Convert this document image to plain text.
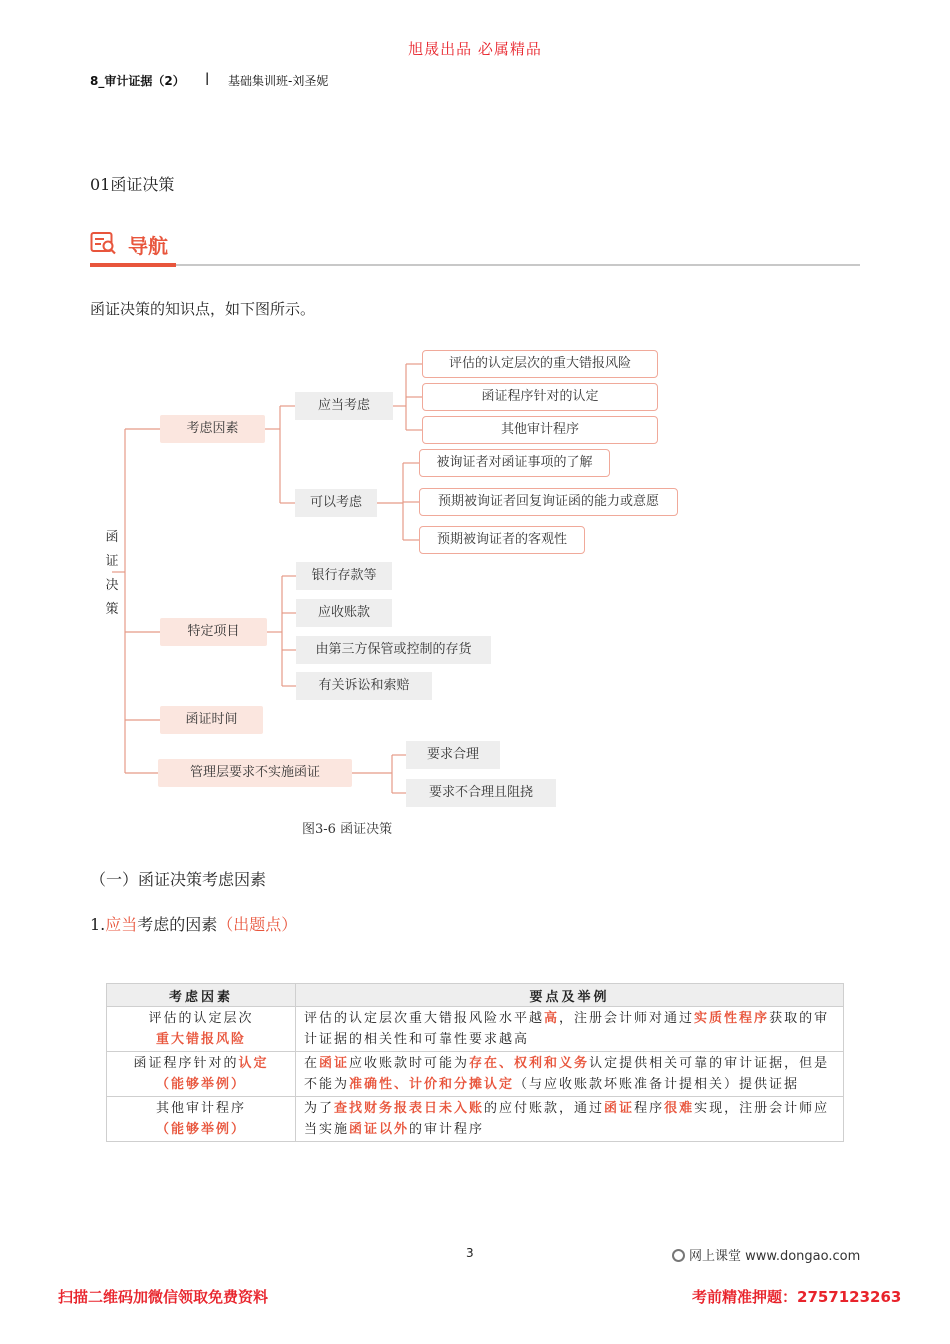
旭晟出品 必属精品
8_审计证据（2） | 基础集训班-刘圣妮
01函证决策
导航
函证决策的知识点，如下图所示。
函
证
决
策
考虑因素
应当考虑
评估的认定层次的重大错报风险
函证程序针对的认定
其他审计程序
可以考虑
被询证者对函证事项的了解
预期被询证者回复询证函的能力或意愿
预期被询证者的客观性
特定项目
银行存款等
应收账款
由第三方保管或控制的存货
有关诉讼和索赔
函证时间
管理层要求不实施函证
要求合理
要求不合理且阻挠
图3-6 函证决策
（一）函证决策考虑因素
1.应当考虑的因素（出题点）
考虑因素	要点及举例

评估的认定层次
重大错报风险	评估的认定层次重大错报风险水平越高，注册会计师对通过实质性程序获取的审计证据的相关性和可靠性要求越高

函证程序针对的认定
（能够举例）	在函证应收账款时可能为存在、权利和义务认定提供相关可靠的审计证据，但是不能为准确性、计价和分摊认定（与应收账款坏账准备计提相关）提供证据

其他审计程序
（能够举例）	为了查找财务报表日未入账的应付账款，通过函证程序很难实现，注册会计师应当实施函证以外的审计程序
3	网上课堂 www.dongao.com
扫描二维码加微信领取免费资料	考前精准押题：2757123263
